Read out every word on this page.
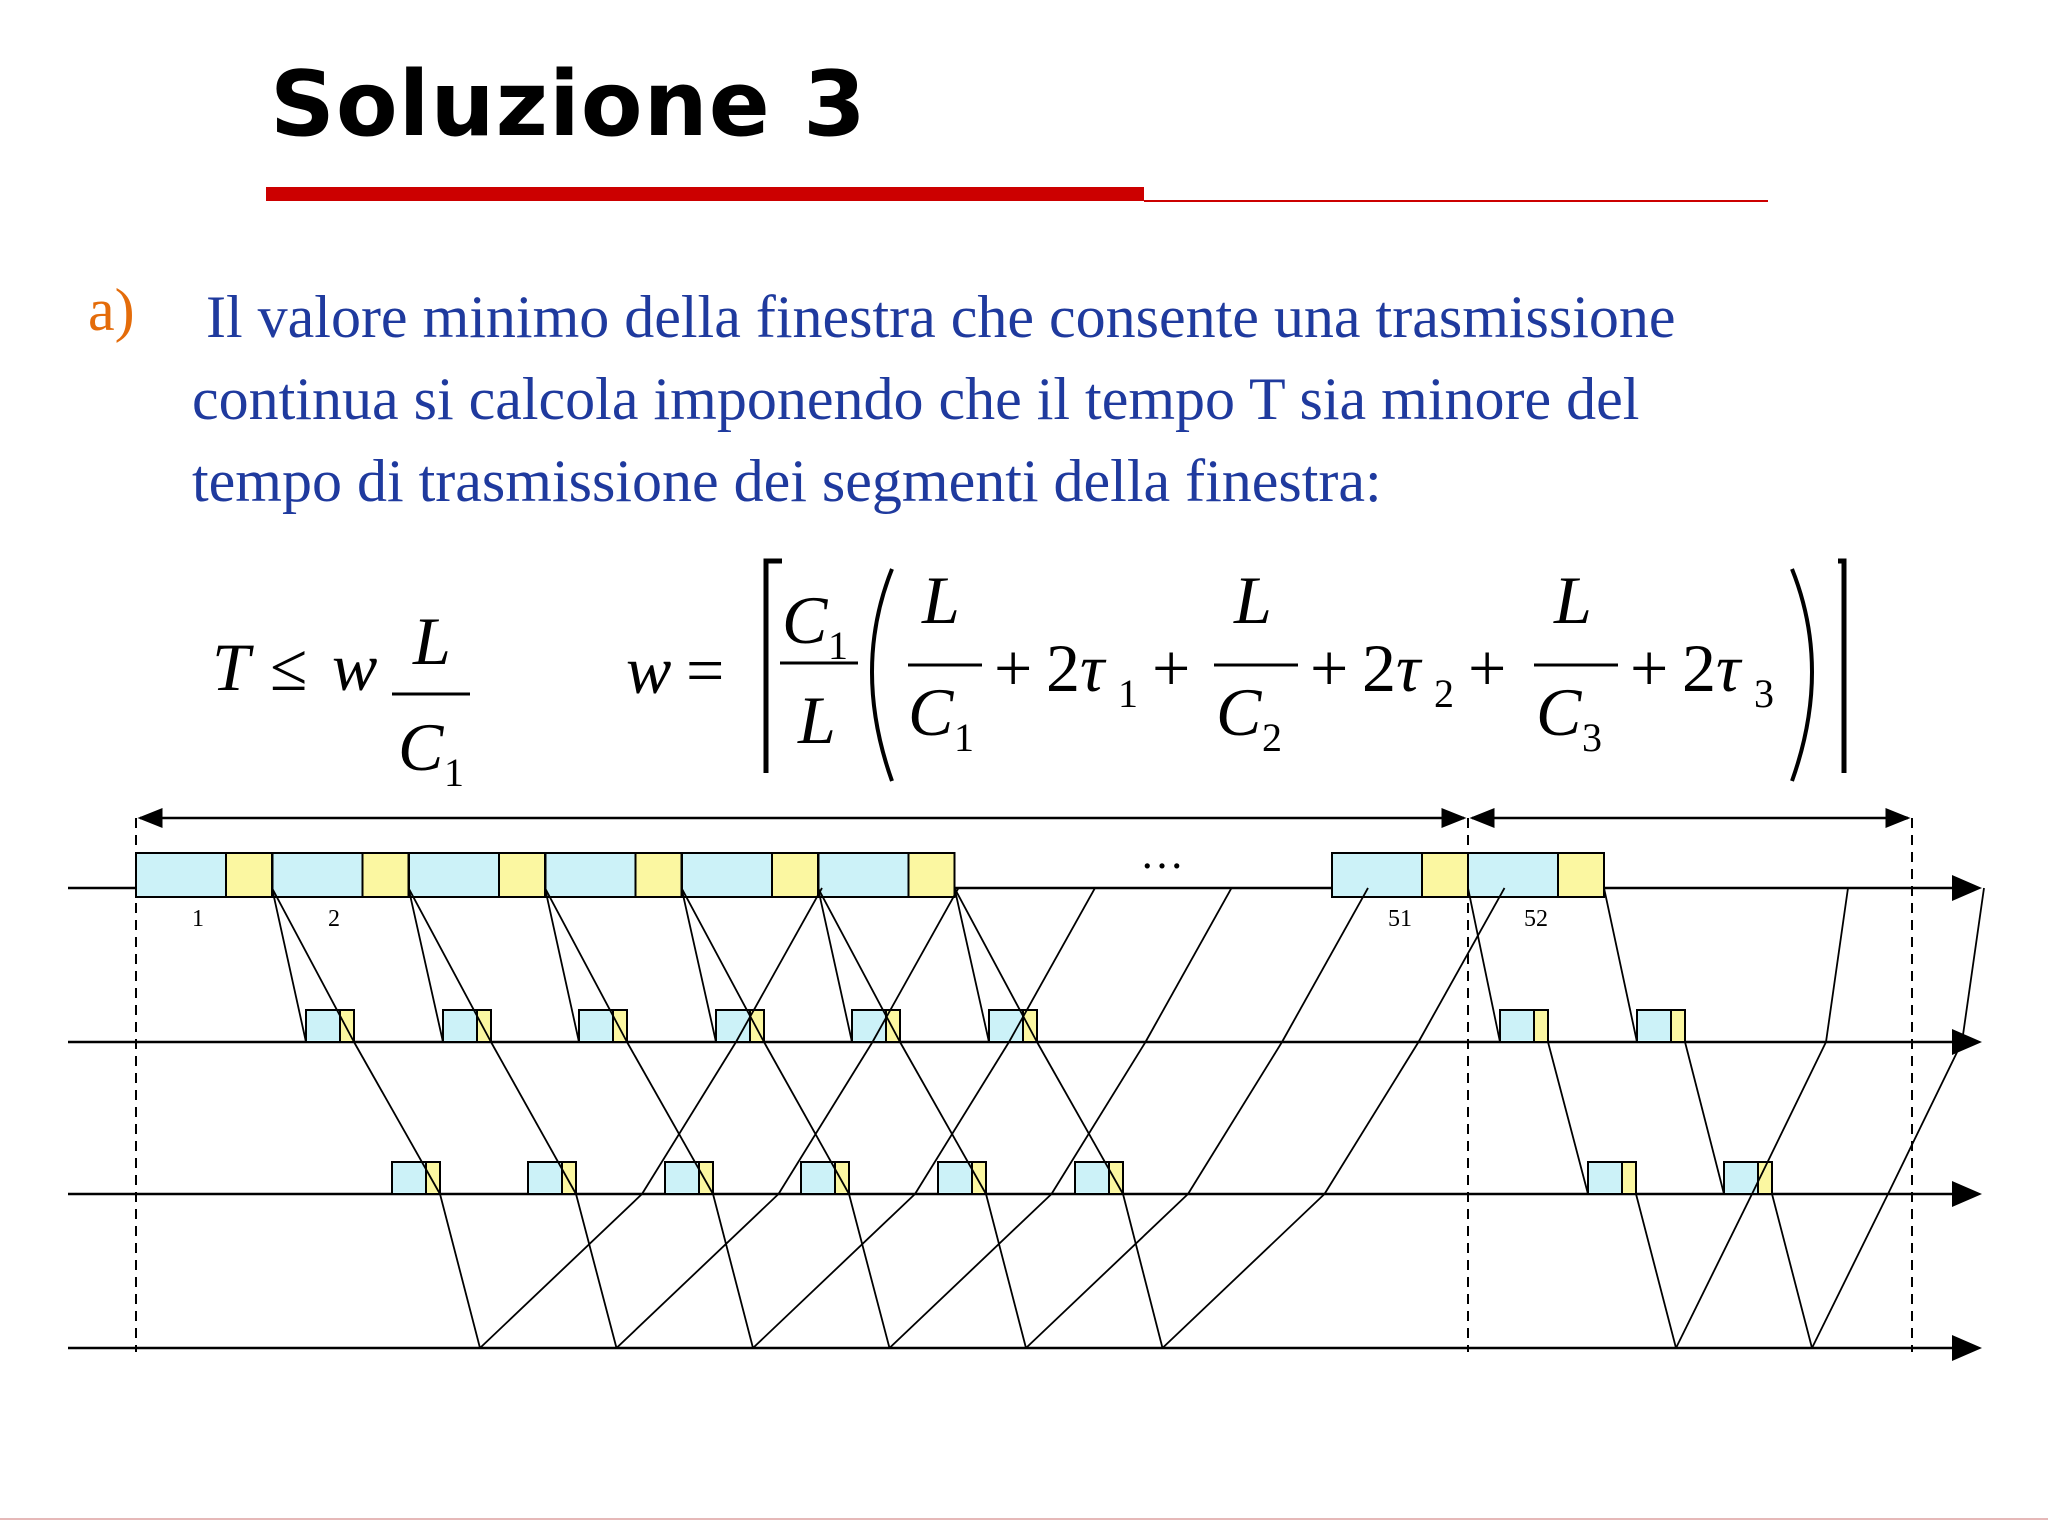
Soluzione 3
a) Il valore minimo della finestra che consente una trasmissione
continua si calcola imponendo che il tempo T sia minore del
tempo di trasmissione dei segmenti della finestra:
T ≤ w L
C 1
w =
C 1
L
L
C 1
+ 2 τ 1 +
L
C 2
+ 2 τ 2 +
L
C 3
+ 2 τ 3
…
1	2	51	52
